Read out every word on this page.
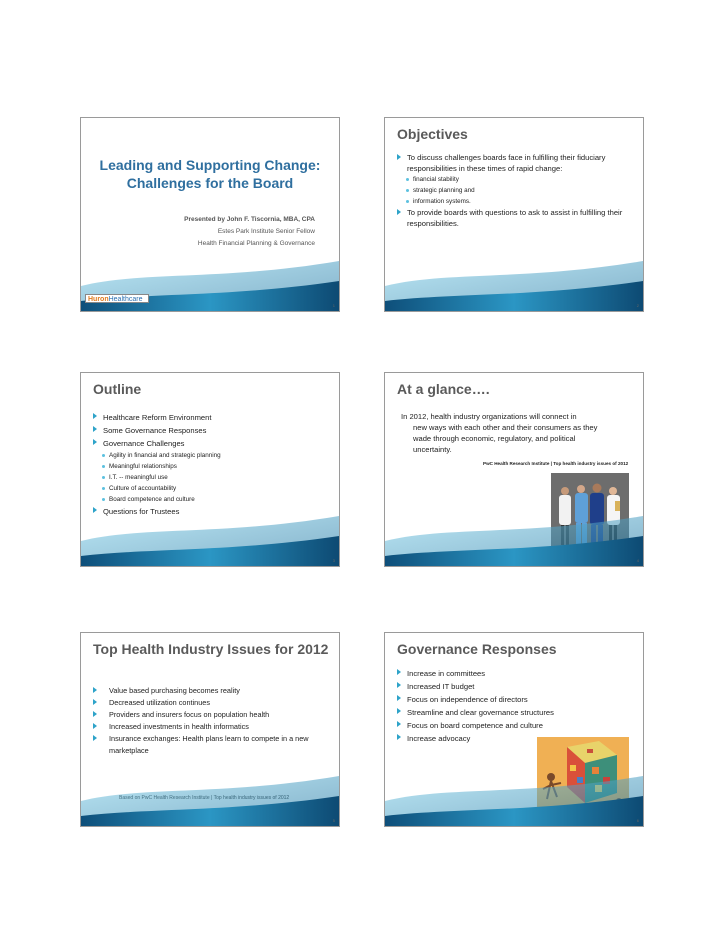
Leading and Supporting Change:
Challenges for the Board
Presented by John F. Tiscornia, MBA, CPA
Estes Park Institute Senior Fellow
Health Financial Planning & Governance
HuronHealthcare
1
Objectives
To discuss challenges boards face in fulfilling their fiduciary responsibilities in these times of rapid change:
financial stability
strategic planning and
information systems.
To provide boards with questions to ask to assist in fulfilling their responsibilities.
2
Outline
Healthcare Reform Environment
Some Governance Responses
Governance Challenges
Agility in financial and strategic planning
Meaningful relationships
I.T. -- meaningful use
Culture of accountability
Board competence and culture
Questions for Trustees
3
At a glance….

In 2012, health industry organizations will connect in

new ways with each other and their consumers as they

wade through economic, regulatory, and political

uncertainty.

PwC Health Research Institute | Top health industry issues of 2012
4
Top Health Industry Issues for 2012
Value based purchasing becomes reality
Decreased utilization continues
Providers and insurers focus on population health
Increased investments in health informatics
Insurance exchanges: Health plans learn to compete in a new marketplace
5
Governance Responses
Increase in committees
Increased IT budget
Focus on independence of directors
Streamline and clear governance structures
Focus on board competence and culture
Increase advocacy
6
